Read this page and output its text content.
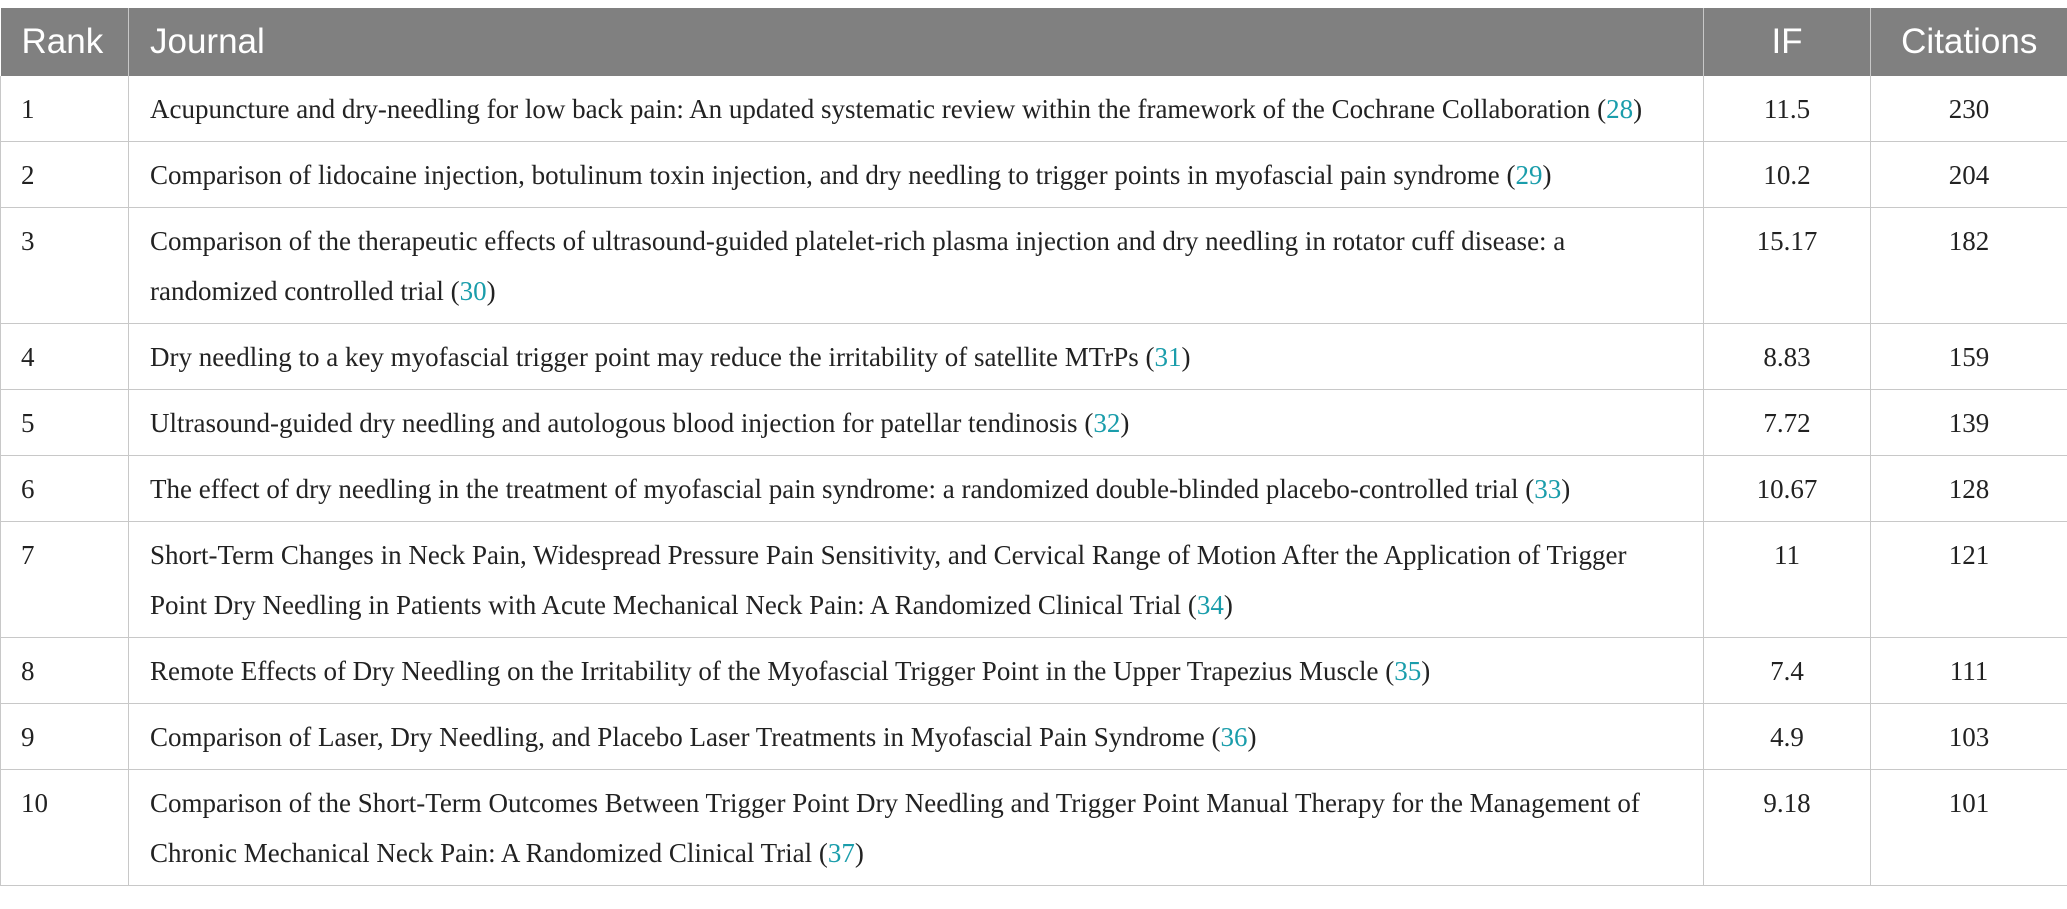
Rank	Journal	IF	Citations
1	Acupuncture and dry-needling for low back pain: An updated systematic review within the framework of the Cochrane Collaboration (28)	11.5	230
2	Comparison of lidocaine injection, botulinum toxin injection, and dry needling to trigger points in myofascial pain syndrome (29)	10.2	204
3	Comparison of the therapeutic effects of ultrasound-guided platelet-rich plasma injection and dry needling in rotator cuff disease: a randomized controlled trial (30)	15.17	182
4	Dry needling to a key myofascial trigger point may reduce the irritability of satellite MTrPs (31)	8.83	159
5	Ultrasound-guided dry needling and autologous blood injection for patellar tendinosis (32)	7.72	139
6	The effect of dry needling in the treatment of myofascial pain syndrome: a randomized double-blinded placebo-controlled trial (33)	10.67	128
7	Short-Term Changes in Neck Pain, Widespread Pressure Pain Sensitivity, and Cervical Range of Motion After the Application of Trigger Point Dry Needling in Patients with Acute Mechanical Neck Pain: A Randomized Clinical Trial (34)	11	121
8	Remote Effects of Dry Needling on the Irritability of the Myofascial Trigger Point in the Upper Trapezius Muscle (35)	7.4	111
9	Comparison of Laser, Dry Needling, and Placebo Laser Treatments in Myofascial Pain Syndrome (36)	4.9	103
10	Comparison of the Short-Term Outcomes Between Trigger Point Dry Needling and Trigger Point Manual Therapy for the Management of Chronic Mechanical Neck Pain: A Randomized Clinical Trial (37)	9.18	101
